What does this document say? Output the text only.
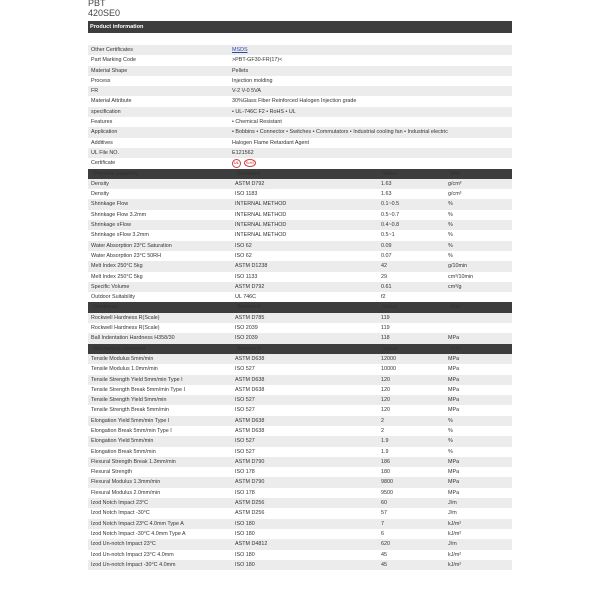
PBT
420SE0
Product information
Other Certificates	MSDS
Part Marking Code	>PBT-GF30-FR(17)<
Material Shape	Pellets
Process	Injection molding
FR	V-2 V-0 5VA
Material Attribute	30%Glass Fiber Reinforced Halogen Injection grade
specification	• UL-746C F2 • RoHS • UL
Features	• Chemical Resistant
Application	• Bobbins • Connector • Switches • Commutators • Industrial cooling fan • Industrial electric
Additives	Halogen Flame Retardant Agent
UL File NO.	E121562
Certificate	UL	RoHS
Physical property	Standard	Value	Unit
Density	ASTM D792	1.63	g/cm³
Density	ISO 1183	1.63	g/cm³
Shrinkage Flow	INTERNAL METHOD	0.1~0.5	%
Shrinkage Flow 3.2mm	INTERNAL METHOD	0.5~0.7	%
Shrinkage xFlow	INTERNAL METHOD	0.4~0.8	%
Shrinkage xFlow 3.2mm	INTERNAL METHOD	0.5~1	%
Water Absorption 23°C Saturation	ISO 62	0.09	%
Water Absorption 23°C 50RH	ISO 62	0.07	%
Melt Index 250°C 5kg	ASTM D1238	42	g/10min
Melt Index 250°C 5kg	ISO 1133	29	cm³/10min
Specific Volume	ASTM D792	0.61	cm³/g
Outdoor Suitability	UL 746C	f2
Hardness	Standard	Value	Unit
Rockwell Hardness R(Scale)	ASTM D785	119
Rockwell Hardness R(Scale)	ISO 2039	119
Ball Indentation Hardness H358/30	ISO 2039	118	MPa
Mechanical behavior	Standard	Value	Unit
Tensile Modulus 5mm/min	ASTM D638	12000	MPa
Tensile Modulus 1.0mm/min	ISO 527	10000	MPa
Tensile Strength Yield 5mm/min Type I	ASTM D638	120	MPa
Tensile Strength Break 5mm/min Type I	ASTM D638	120	MPa
Tensile Strength Yield 5mm/min	ISO 527	120	MPa
Tensile Strength Break 5mm/min	ISO 527	120	MPa
Elongation Yield 5mm/min Type I	ASTM D638	2	%
Elongation Break 5mm/min Type I	ASTM D638	2	%
Elongation Yield 5mm/min	ISO 527	1.9	%
Elongation Break 5mm/min	ISO 527	1.9	%
Flexural Strength Break 1.3mm/min	ASTM D790	186	MPa
Flexural Strength	ISO 178	180	MPa
Flexural Modulus 1.3mm/min	ASTM D790	9800	MPa
Flexural Modulus 2.0mm/min	ISO 178	9500	MPa
Izod Notch Impact 23°C	ASTM D256	60	J/m
Izod Notch Impact -30°C	ASTM D256	57	J/m
Izod Notch Impact 23°C 4.0mm Type A	ISO 180	7	kJ/m²
Izod Notch Impact -30°C 4.0mm Type A	ISO 180	6	kJ/m²
Izod Un-notch Impact 23°C	ASTM D4812	620	J/m
Izod Un-notch Impact 23°C 4.0mm	ISO 180	45	kJ/m²
Izod Un-notch Impact -30°C 4.0mm	ISO 180	45	kJ/m²
